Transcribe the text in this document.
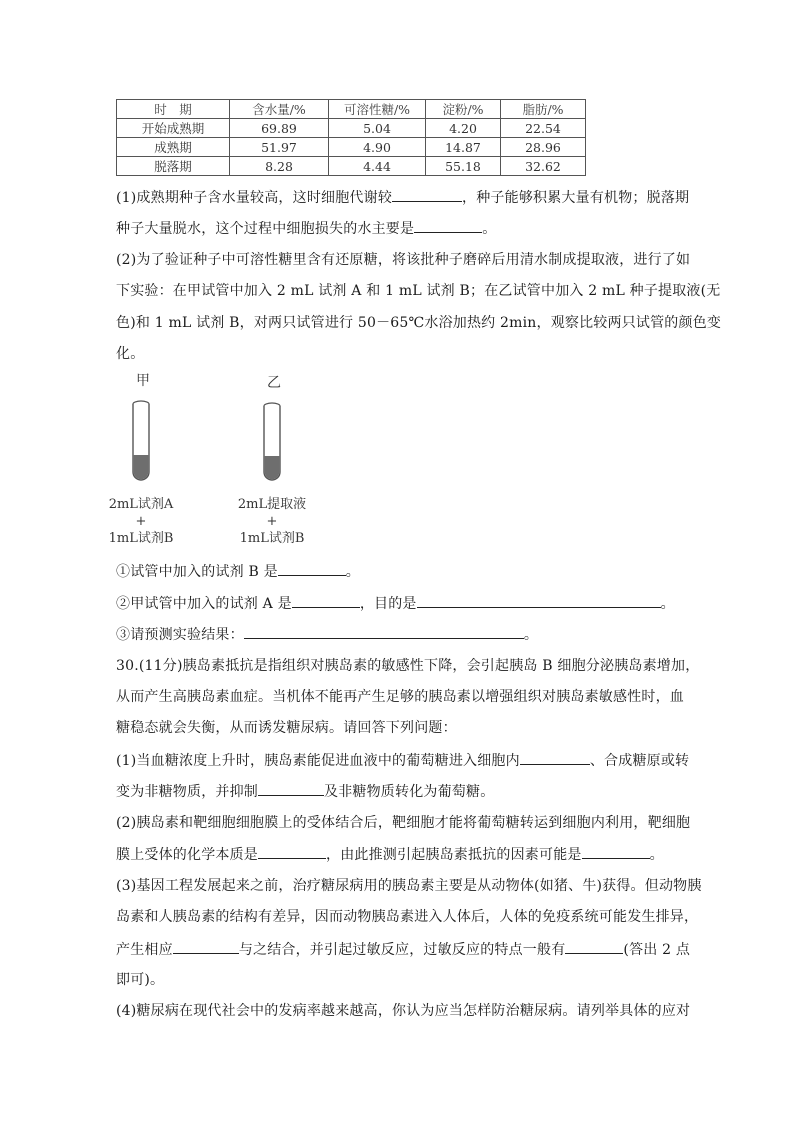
时　期	含水量/%	可溶性糖/%	淀粉/%	脂肪/%
开始成熟期	69.89	5.04	4.20	22.54
成熟期	51.97	4.90	14.87	28.96
脱落期	8.28	4.44	55.18	32.62
(1)成熟期种子含水量较高，这时细胞代谢较	，种子能够积累大量有机物；脱落期
种子大量脱水，这个过程中细胞损失的水主要是	。
(2)为了验证种子中可溶性糖里含有还原糖，将该批种子磨碎后用清水制成提取液，进行了如
下实验：在甲试管中加入 2 mL 试剂 A 和 1 mL 试剂 B；在乙试管中加入 2 mL 种子提取液(无
色)和 1 mL 试剂 B，对两只试管进行 50－65℃水浴加热约 2min，观察比较两只试管的颜色变
化。
甲	乙
2mL试剂A
+
1mL试剂B
2mL提取液
+
1mL试剂B
①试管中加入的试剂 B 是	。
②甲试管中加入的试剂 A 是	，目的是	。
③请预测实验结果：	。
30.(11分)胰岛素抵抗是指组织对胰岛素的敏感性下降，会引起胰岛 B 细胞分泌胰岛素增加，
从而产生高胰岛素血症。当机体不能再产生足够的胰岛素以增强组织对胰岛素敏感性时，血
糖稳态就会失衡，从而诱发糖尿病。请回答下列问题：
(1)当血糖浓度上升时，胰岛素能促进血液中的葡萄糖进入细胞内	、合成糖原或转
变为非糖物质，并抑制	及非糖物质转化为葡萄糖。
(2)胰岛素和靶细胞细胞膜上的受体结合后，靶细胞才能将葡萄糖转运到细胞内利用，靶细胞
膜上受体的化学本质是	，由此推测引起胰岛素抵抗的因素可能是	。
(3)基因工程发展起来之前，治疗糖尿病用的胰岛素主要是从动物体(如猪、牛)获得。但动物胰
岛素和人胰岛素的结构有差异，因而动物胰岛素进入人体后，人体的免疫系统可能发生排异，
产生相应	与之结合，并引起过敏反应，过敏反应的特点一般有	(答出 2 点
即可)。
(4)糖尿病在现代社会中的发病率越来越高，你认为应当怎样防治糖尿病。请列举具体的应对
